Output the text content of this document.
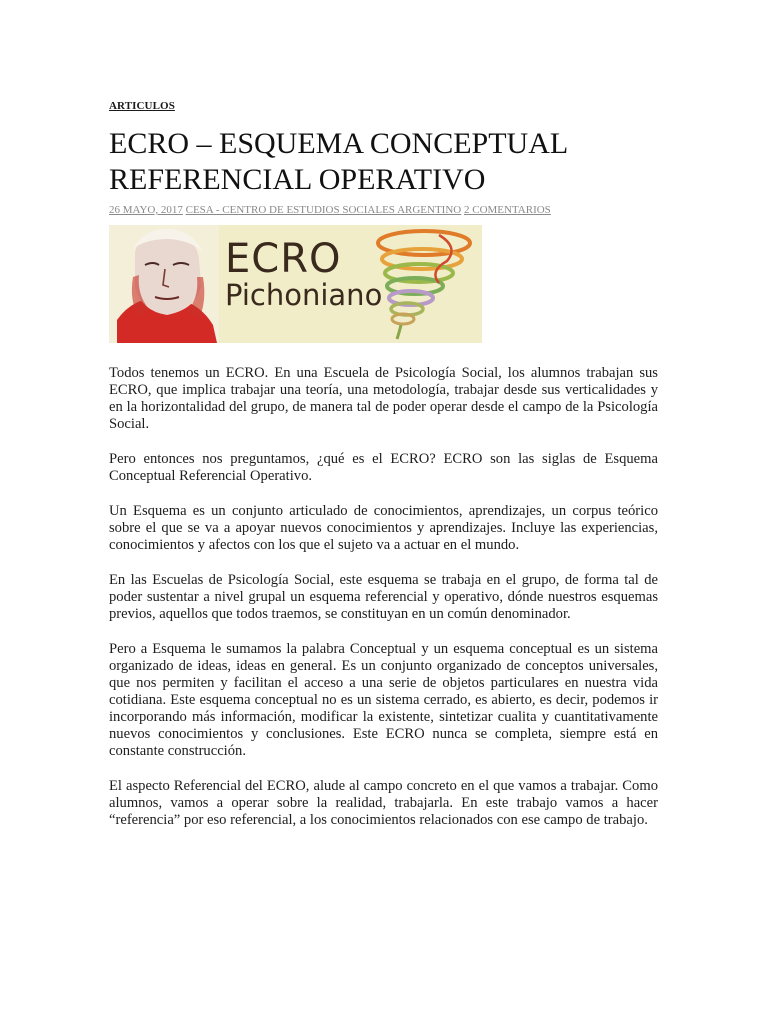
ARTICULOS
ECRO – ESQUEMA CONCEPTUAL REFERENCIAL OPERATIVO
26 MAYO, 2017 CESA - CENTRO DE ESTUDIOS SOCIALES ARGENTINO 2 COMENTARIOS
ECRO
Pichoniano

Todos tenemos un ECRO. En una Escuela de Psicología Social, los alumnos trabajan sus ECRO, que implica trabajar una teoría, una metodología, trabajar desde sus verticalidades y en la horizontalidad del grupo, de manera tal de poder operar desde el campo de la Psicología Social.

Pero entonces nos preguntamos, ¿qué es el ECRO? ECRO son las siglas de Esquema Conceptual Referencial Operativo.

Un Esquema es un conjunto articulado de conocimientos, aprendizajes, un corpus teórico sobre el que se va a apoyar nuevos conocimientos y aprendizajes. Incluye las experiencias, conocimientos y afectos con los que el sujeto va a actuar en el mundo.

En las Escuelas de Psicología Social, este esquema se trabaja en el grupo, de forma tal de poder sustentar a nivel grupal un esquema referencial y operativo, dónde nuestros esquemas previos, aquellos que todos traemos, se constituyan en un común denominador.

Pero a Esquema le sumamos la palabra Conceptual y un esquema conceptual es un sistema organizado de ideas, ideas en general. Es un conjunto organizado de conceptos universales, que nos permiten y facilitan el acceso a una serie de objetos particulares en nuestra vida cotidiana. Este esquema conceptual no es un sistema cerrado, es abierto, es decir, podemos ir incorporando más información, modificar la existente, sintetizar cualita y cuantitativamente nuevos conocimientos y conclusiones. Este ECRO nunca se completa, siempre está en constante construcción.

El aspecto Referencial del ECRO, alude al campo concreto en el que vamos a trabajar. Como alumnos, vamos a operar sobre la realidad, trabajarla. En este trabajo vamos a hacer “referencia” por eso referencial, a los conocimientos relacionados con ese campo de trabajo.
